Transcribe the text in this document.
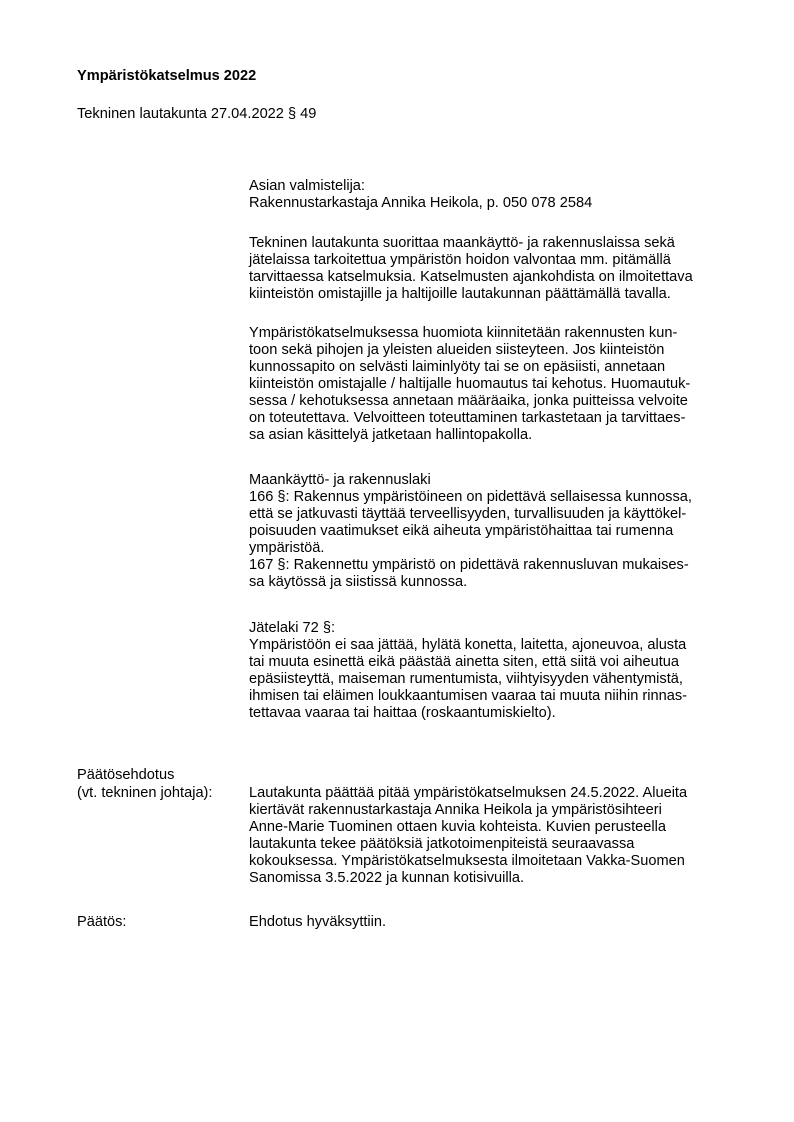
Ympäristökatselmus 2022
Tekninen lautakunta 27.04.2022 § 49
Asian valmistelija:
Rakennustarkastaja Annika Heikola, p. 050 078 2584
Tekninen lautakunta suorittaa maankäyttö- ja rakennuslaissa sekä
jätelaissa tarkoitettua ympäristön hoidon valvontaa mm. pitämällä
tarvittaessa katselmuksia. Katselmusten ajankohdista on ilmoitettava
kiinteistön omistajille ja haltijoille lautakunnan päättämällä tavalla.
Ympäristökatselmuksessa huomiota kiinnitetään rakennusten kun-
toon sekä pihojen ja yleisten alueiden siisteyteen. Jos kiinteistön
kunnossapito on selvästi laiminlyöty tai se on epäsiisti, annetaan
kiinteistön omistajalle / haltijalle huomautus tai kehotus. Huomautuk-
sessa / kehotuksessa annetaan määräaika, jonka puitteissa velvoite
on toteutettava. Velvoitteen toteuttaminen tarkastetaan ja tarvittaes-
sa asian käsittelyä jatketaan hallintopakolla.
Maankäyttö- ja rakennuslaki
166 §: Rakennus ympäristöineen on pidettävä sellaisessa kunnossa,
että se jatkuvasti täyttää terveellisyyden, turvallisuuden ja käyttökel-
poisuuden vaatimukset eikä aiheuta ympäristöhaittaa tai rumenna
ympäristöä.
167 §: Rakennettu ympäristö on pidettävä rakennusluvan mukaises-
sa käytössä ja siistissä kunnossa.
Jätelaki 72 §:
Ympäristöön ei saa jättää, hylätä konetta, laitetta, ajoneuvoa, alusta
tai muuta esinettä eikä päästää ainetta siten, että siitä voi aiheutua
epäsiisteyttä, maiseman rumentumista, viihtyisyyden vähentymistä,
ihmisen tai eläimen loukkaantumisen vaaraa tai muuta niihin rinnas-
tettavaa vaaraa tai haittaa (roskaantumiskielto).
Päätösehdotus
(vt. tekninen johtaja):	Lautakunta päättää pitää ympäristökatselmuksen 24.5.2022. Alueita
kiertävät rakennustarkastaja Annika Heikola ja ympäristösihteeri
Anne-Marie Tuominen ottaen kuvia kohteista. Kuvien perusteella
lautakunta tekee päätöksiä jatkotoimenpiteistä seuraavassa
kokouksessa. Ympäristökatselmuksesta ilmoitetaan Vakka-Suomen
Sanomissa 3.5.2022 ja kunnan kotisivuilla.
Päätös:	Ehdotus hyväksyttiin.
